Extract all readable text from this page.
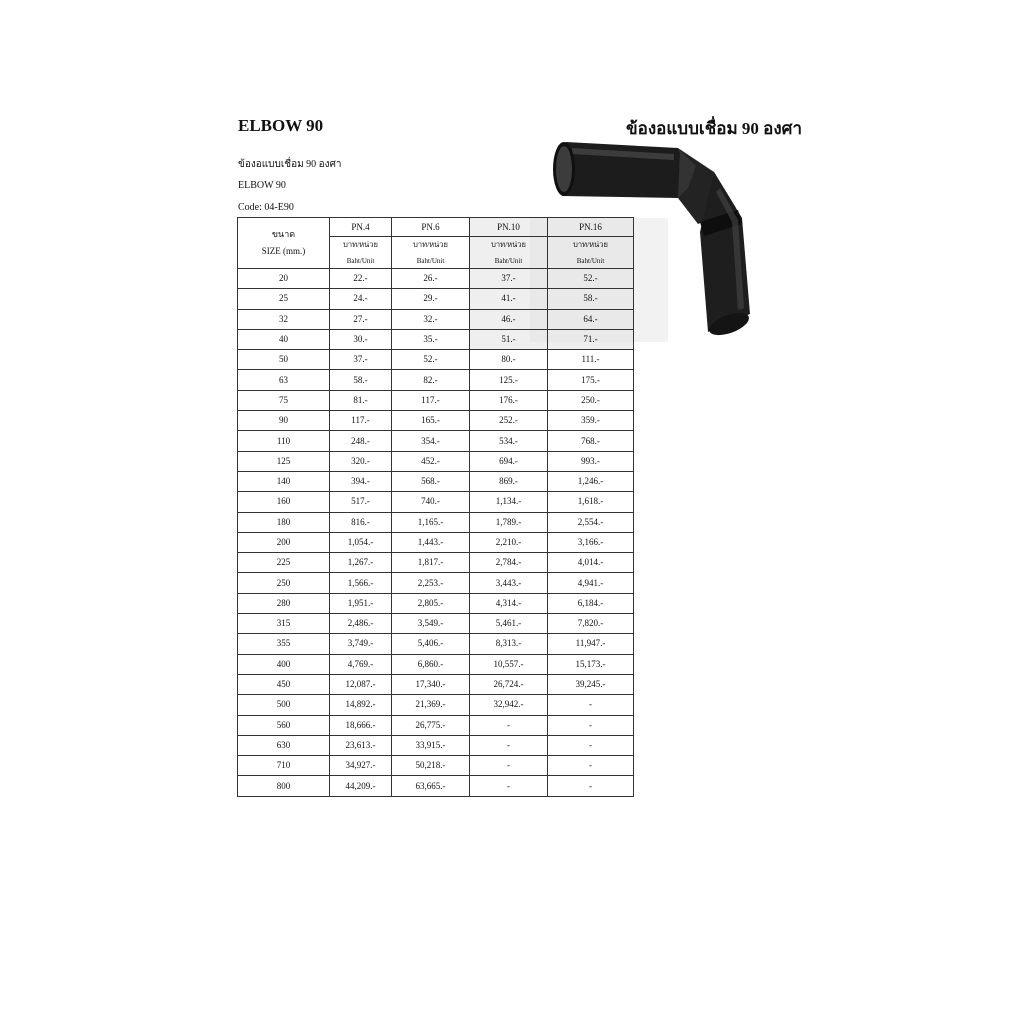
ELBOW 90	ข้องอแบบเชื่อม 90 องศา
ข้องอแบบเชื่อม 90 องศา
ELBOW 90
Code: 04-E90
ขนาด
SIZE (mm.)	PN.4	PN.6	PN.10	PN.16
	บาท/หน่วย	บาท/หน่วย	บาท/หน่วย	บาท/หน่วย
	Baht/Unit	Baht/Unit	Baht/Unit	Baht/Unit
20	22.-	26.-	37.-	52.-
25	24.-	29.-	41.-	58.-
32	27.-	32.-	46.-	64.-
40	30.-	35.-	51.-	71.-
50	37.-	52.-	80.-	111.-
63	58.-	82.-	125.-	175.-
75	81.-	117.-	176.-	250.-
90	117.-	165.-	252.-	359.-
110	248.-	354.-	534.-	768.-
125	320.-	452.-	694.-	993.-
140	394.-	568.-	869.-	1,246.-
160	517.-	740.-	1,134.-	1,618.-
180	816.-	1,165.-	1,789.-	2,554.-
200	1,054.-	1,443.-	2,210.-	3,166.-
225	1,267.-	1,817.-	2,784.-	4,014.-
250	1,566.-	2,253.-	3,443.-	4,941.-
280	1,951.-	2,805.-	4,314.-	6,184.-
315	2,486.-	3,549.-	5,461.-	7,820.-
355	3,749.-	5,406.-	8,313.-	11,947.-
400	4,769.-	6,860.-	10,557.-	15,173.-
450	12,087.-	17,340.-	26,724.-	39,245.-
500	14,892.-	21,369.-	32,942.-	-
560	18,666.-	26,775.-	-	-
630	23,613.-	33,915.-	-	-
710	34,927.-	50,218.-	-	-
800	44,209.-	63,665.-	-	-
